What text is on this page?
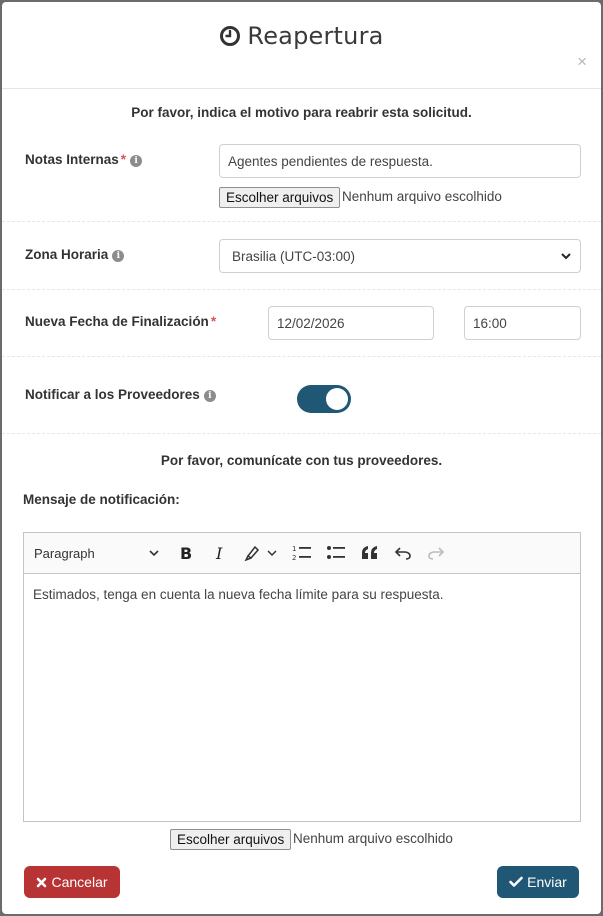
Reapertura
×
Por favor, indica el motivo para reabrir esta solicitud.
Notas Internas * i	Agentes pendientes de respuesta.
Escolher arquivos Nenhum arquivo escolhido
Zona Horaria i	Brasilia (UTC-03:00)
Nueva Fecha de Finalización *	12/02/2026	16:00
Notificar a los Proveedores i
Por favor, comunícate con tus proveedores.
Mensaje de notificación:
Paragraph	B I	1
2
Estimados, tenga en cuenta la nueva fecha límite para su respuesta.
Escolher arquivos Nenhum arquivo escolhido
Cancelar	Enviar
